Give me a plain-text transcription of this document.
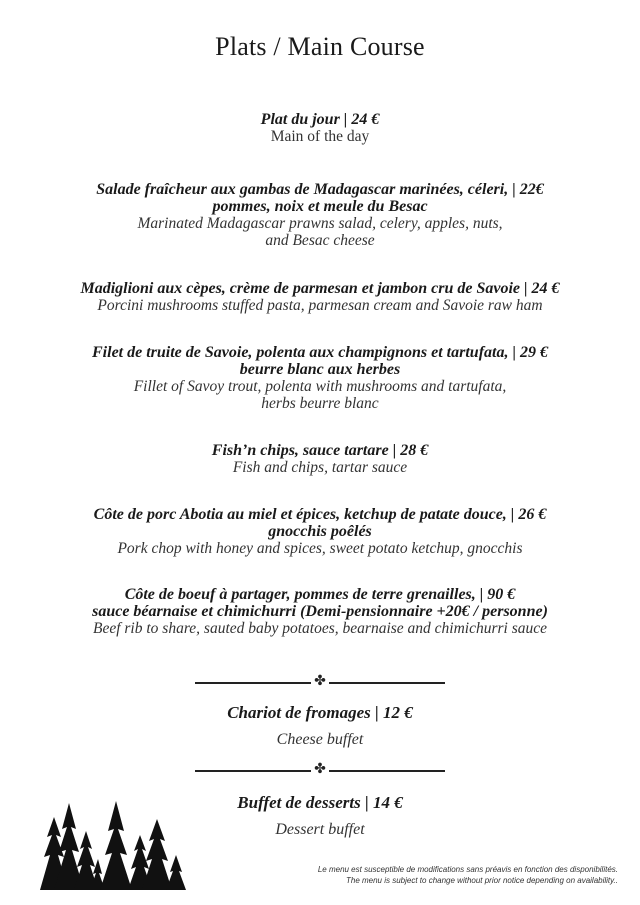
Plats / Main Course
Plat du jour | 24 €
Main of the day
Salade fraîcheur aux gambas de Madagascar marinées, céleri, | 22€
pommes, noix et meule du Besac
Marinated Madagascar prawns salad, celery, apples, nuts,
and Besac cheese
Madiglioni aux cèpes, crème de parmesan et jambon cru de Savoie | 24 €
Porcini mushrooms stuffed pasta, parmesan cream and Savoie raw ham
Filet de truite de Savoie, polenta aux champignons et tartufata, | 29 €
beurre blanc aux herbes
Fillet of Savoy trout, polenta with mushrooms and tartufata,
herbs beurre blanc
Fish’n chips, sauce tartare | 28 €
Fish and chips, tartar sauce
Côte de porc Abotia au miel et épices, ketchup de patate douce, | 26 €
gnocchis poêlés
Pork chop with honey and spices, sweet potato ketchup, gnocchis
Côte de boeuf à partager, pommes de terre grenailles, | 90 €
sauce béarnaise et chimichurri (Demi-pensionnaire +20€ / personne)
Beef rib to share, sauted baby potatoes, bearnaise and chimichurri sauce
✤
Chariot de fromages | 12 €
Cheese buffet
✤
Buffet de desserts | 14 €
Dessert buffet
Le menu est susceptible de modifications sans préavis en fonction des disponibilités.
The menu is subject to change without prior notice depending on availability..
